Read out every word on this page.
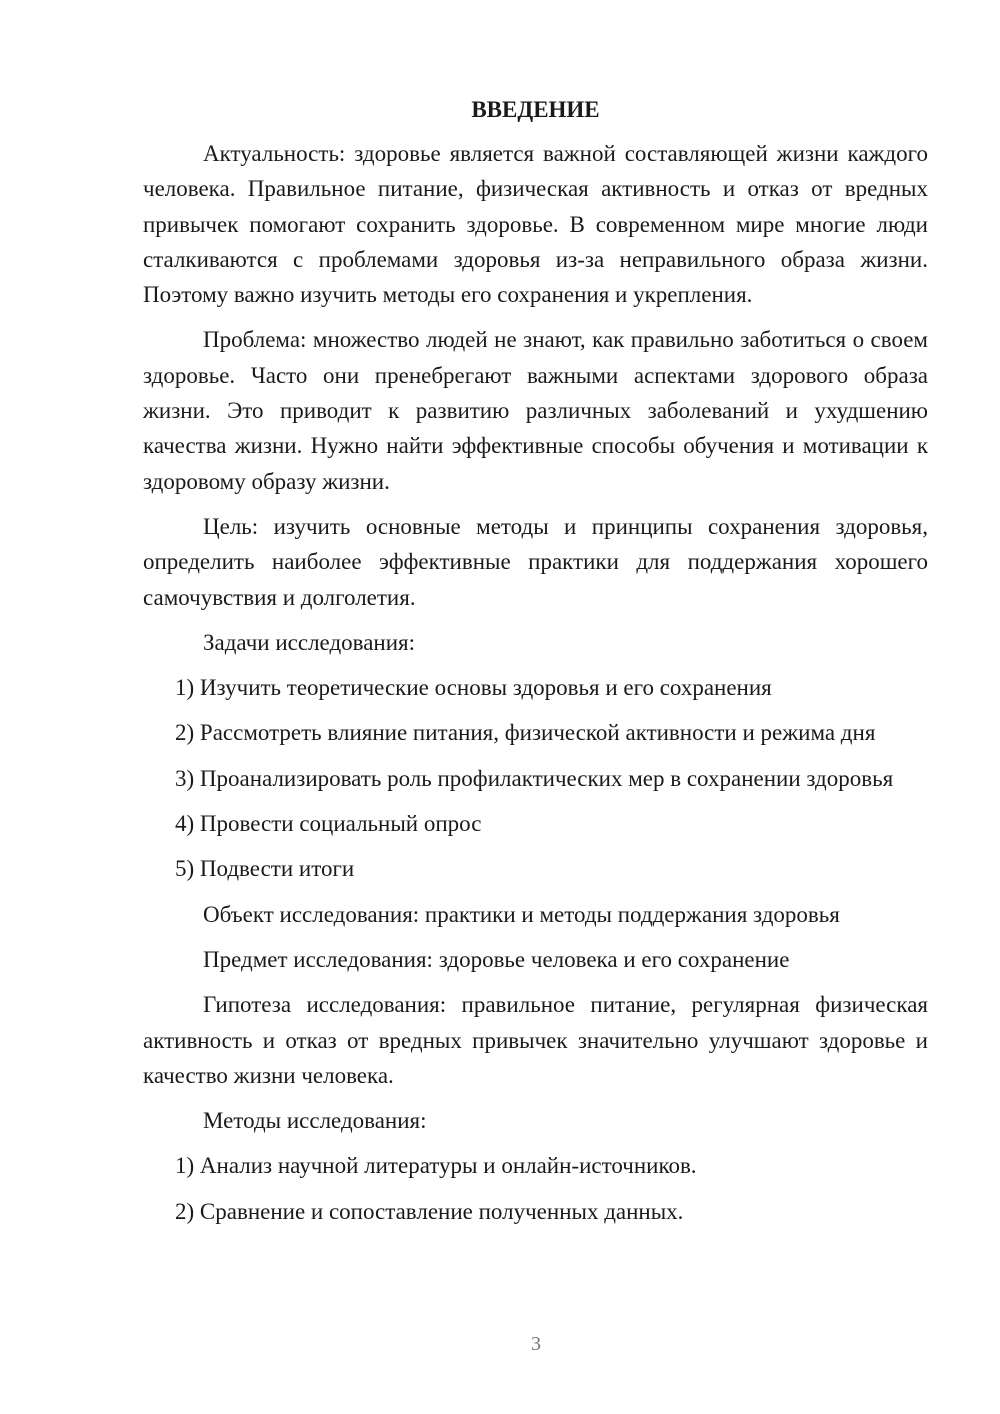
ВВЕДЕНИЕ

Актуальность: здоровье является важной составляющей жизни каждого человека. Правильное питание, физическая активность и отказ от вредных привычек помогают сохранить здоровье. В современном мире многие люди сталкиваются с проблемами здоровья из-за неправильного образа жизни. Поэтому важно изучить методы его сохранения и укрепления.

Проблема: множество людей не знают, как правильно заботиться о своем здоровье. Часто они пренебрегают важными аспектами здорового образа жизни. Это приводит к развитию различных заболеваний и ухудшению качества жизни. Нужно найти эффективные способы обучения и мотивации к здоровому образу жизни.

Цель: изучить основные методы и принципы сохранения здоровья, определить наиболее эффективные практики для поддержания хорошего самочувствия и долголетия.

Задачи исследования:

1) Изучить теоретические основы здоровья и его сохранения

2) Рассмотреть влияние питания, физической активности и режима дня

3) Проанализировать роль профилактических мер в сохранении здоровья

4) Провести социальный опрос

5) Подвести итоги

Объект исследования: практики и методы поддержания здоровья

Предмет исследования: здоровье человека и его сохранение

Гипотеза исследования: правильное питание, регулярная физическая активность и отказ от вредных привычек значительно улучшают здоровье и качество жизни человека.

Методы исследования:

1) Анализ научной литературы и онлайн-источников.

2) Сравнение и сопоставление полученных данных.

3
